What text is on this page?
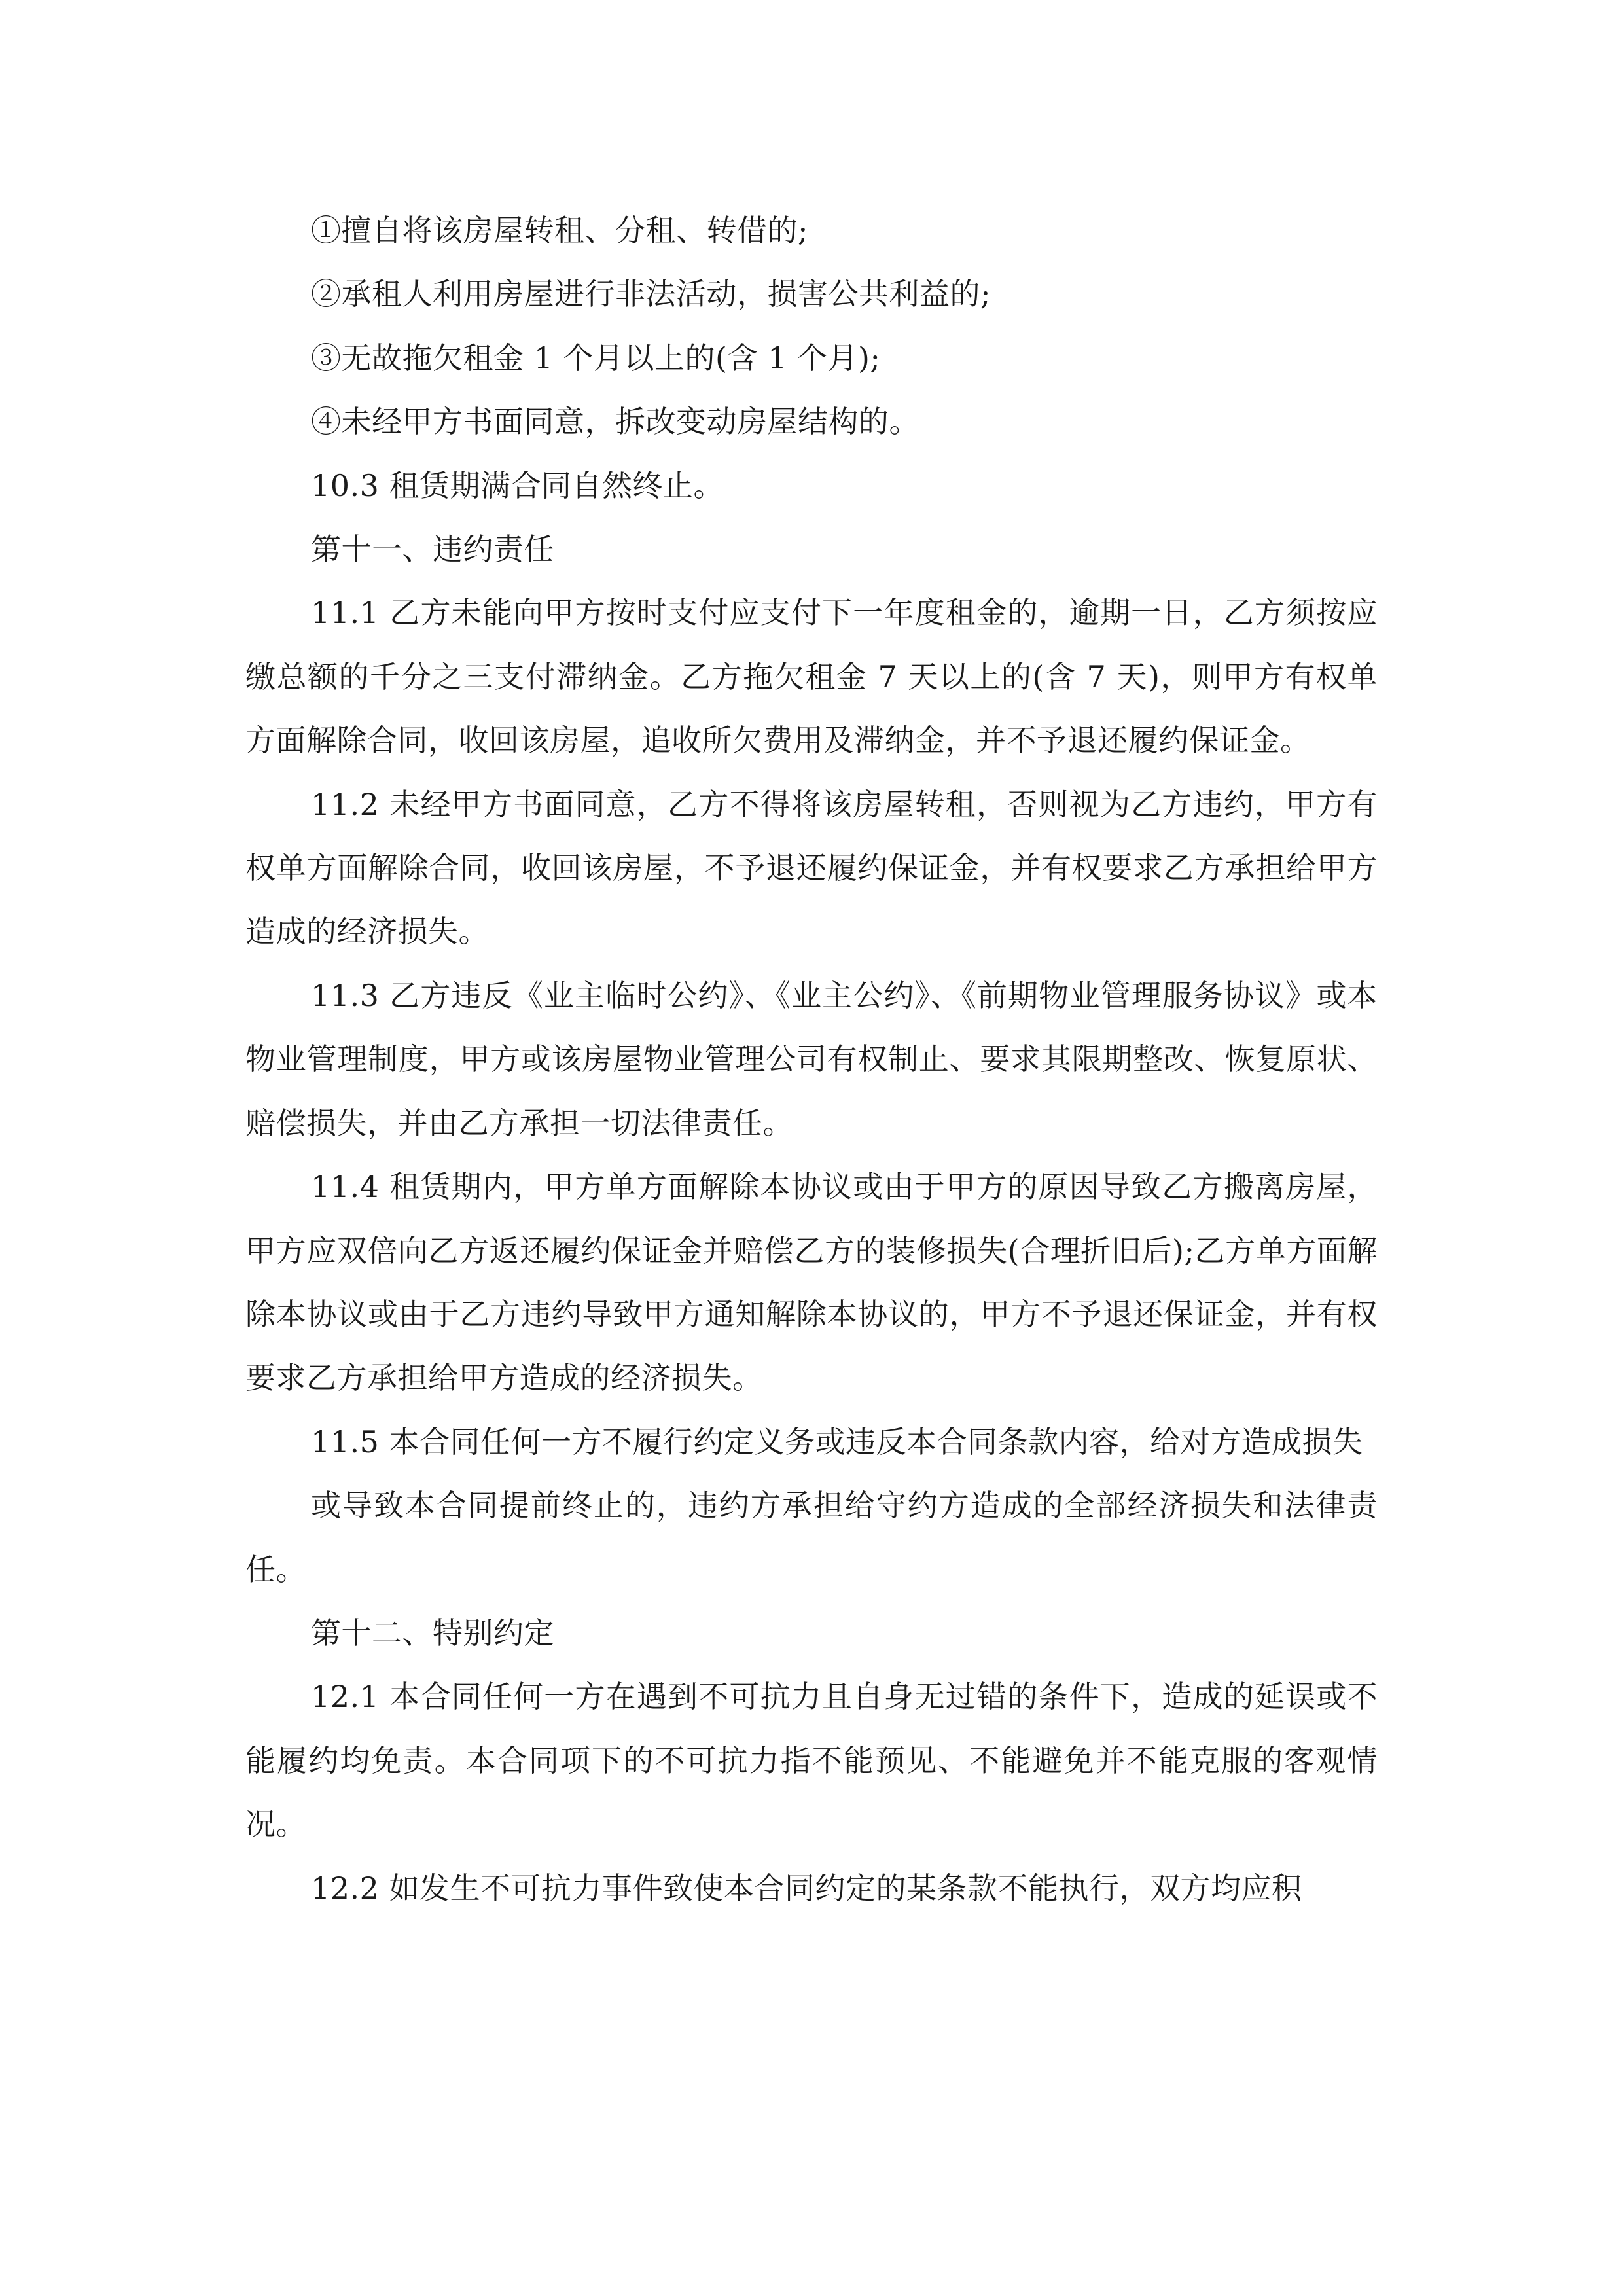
①擅自将该房屋转租、分租、转借的;

②承租人利用房屋进行非法活动，损害公共利益的;

③无故拖欠租金 1 个月以上的(含 1 个月);

④未经甲方书面同意，拆改变动房屋结构的。

10.3 租赁期满合同自然终止。

第十一、违约责任

11.1 乙方未能向甲方按时支付应支付下一年度租金的，逾期一日，乙方须按应缴总额的千分之三支付滞纳金。乙方拖欠租金 7 天以上的(含 7 天)，则甲方有权单方面解除合同，收回该房屋，追收所欠费用及滞纳金，并不予退还履约保证金。

11.2 未经甲方书面同意，乙方不得将该房屋转租，否则视为乙方违约，甲方有权单方面解除合同，收回该房屋，不予退还履约保证金，并有权要求乙方承担给甲方造成的经济损失。

11.3 乙方违反《业主临时公约》、《业主公约》、《前期物业管理服务协议》或本物业管理制度，甲方或该房屋物业管理公司有权制止、要求其限期整改、恢复原状、赔偿损失，并由乙方承担一切法律责任。

11.4 租赁期内，甲方单方面解除本协议或由于甲方的原因导致乙方搬离房屋，甲方应双倍向乙方返还履约保证金并赔偿乙方的装修损失(合理折旧后);乙方单方面解除本协议或由于乙方违约导致甲方通知解除本协议的，甲方不予退还保证金，并有权要求乙方承担给甲方造成的经济损失。

11.5 本合同任何一方不履行约定义务或违反本合同条款内容，给对方造成损失

或导致本合同提前终止的，违约方承担给守约方造成的全部经济损失和法律责任。

第十二、特别约定

12.1 本合同任何一方在遇到不可抗力且自身无过错的条件下，造成的延误或不能履约均免责。本合同项下的不可抗力指不能预见、不能避免并不能克服的客观情况。

12.2 如发生不可抗力事件致使本合同约定的某条款不能执行，双方均应积
